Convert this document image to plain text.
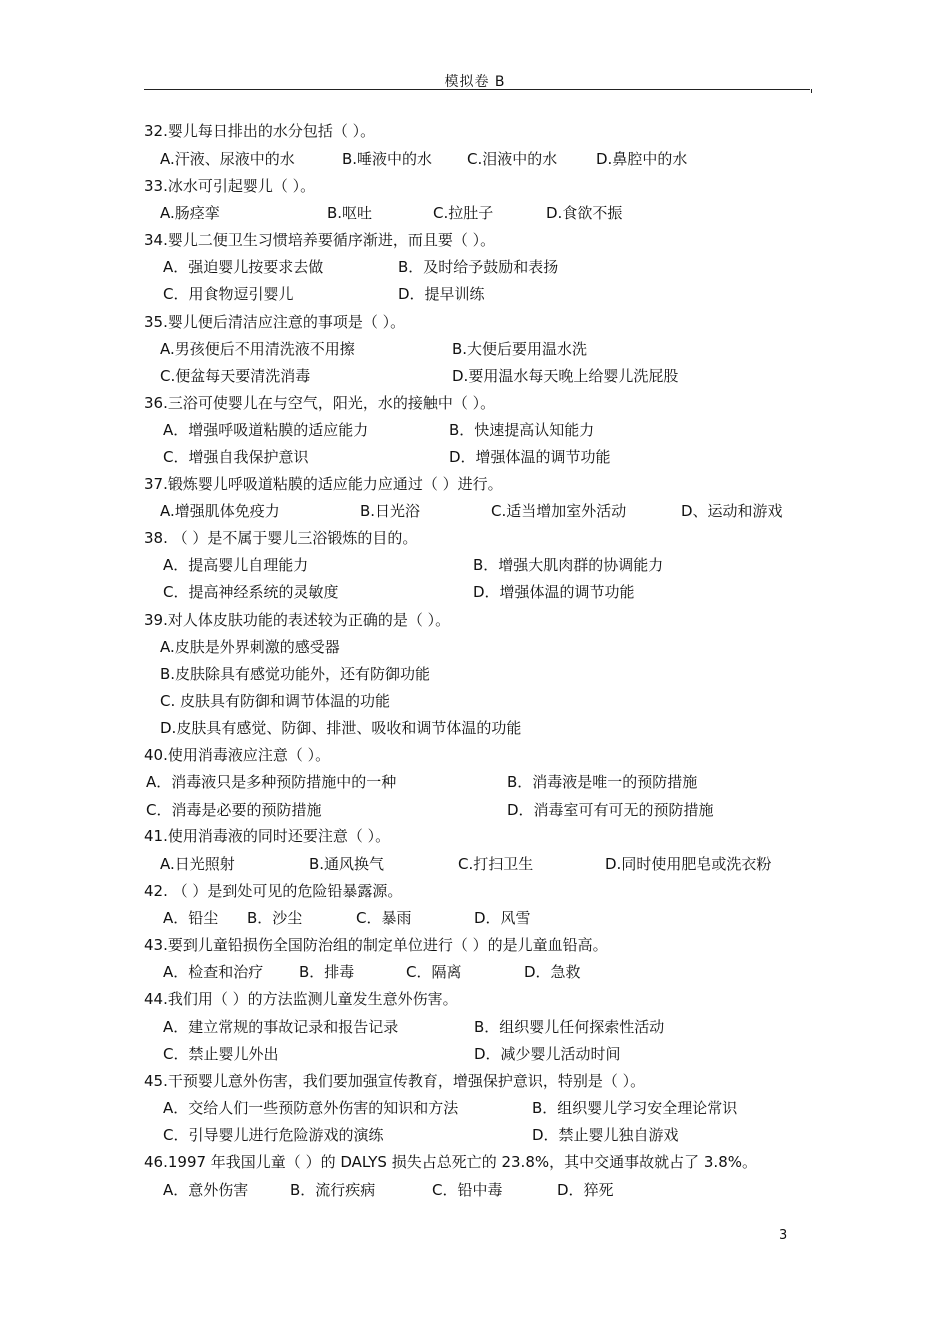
模拟卷 B
32.婴儿每日排出的水分包括（ ）。
A.汗液、尿液中的水	B.唾液中的水 C.泪液中的水	D.鼻腔中的水
33.冰水可引起婴儿（ ）。
A.肠痉挛	B.呕吐	C.拉肚子	D.食欲不振
34.婴儿二便卫生习惯培养要循序渐进，而且要（ ）。
A．强迫婴儿按要求去做	B．及时给予鼓励和表扬
C．用食物逗引婴儿	D．提早训练
35.婴儿便后清洁应注意的事项是（ ）。
A.男孩便后不用清洗液不用擦	B.大便后要用温水洗
C.便盆每天要清洗消毒	D.要用温水每天晚上给婴儿洗屁股
36.三浴可使婴儿在与空气，阳光，水的接触中（ ）。
A．增强呼吸道粘膜的适应能力	B．快速提高认知能力
C．增强自我保护意识	D．增强体温的调节功能
37.锻炼婴儿呼吸道粘膜的适应能力应通过（ ）进行。
A.增强肌体免疫力	B.日光浴	C.适当增加室外活动	D、运动和游戏
38. （ ）是不属于婴儿三浴锻炼的目的。
A．提高婴儿自理能力	B．增强大肌肉群的协调能力
C．提高神经系统的灵敏度	D．增强体温的调节功能
39.对人体皮肤功能的表述较为正确的是（ ）。
A.皮肤是外界刺激的感受器
B.皮肤除具有感觉功能外，还有防御功能
C. 皮肤具有防御和调节体温的功能
D.皮肤具有感觉、防御、排泄、吸收和调节体温的功能
40.使用消毒液应注意（ ）。
A．消毒液只是多种预防措施中的一种	B．消毒液是唯一的预防措施
C．消毒是必要的预防措施	D．消毒室可有可无的预防措施
41.使用消毒液的同时还要注意（ ）。
A.日光照射	B.通风换气	C.打扫卫生	D.同时使用肥皂或洗衣粉
42. （ ）是到处可见的危险铅暴露源。
A．铅尘 B．沙尘	C．暴雨	D．风雪
43.要到儿童铅损伤全国防治组的制定单位进行（ ）的是儿童血铅高。
A．检查和治疗 B．排毒	C．隔离	D．急救
44.我们用（ ）的方法监测儿童发生意外伤害。
A．建立常规的事故记录和报告记录	B．组织婴儿任何探索性活动
C．禁止婴儿外出	D．减少婴儿活动时间
45.干预婴儿意外伤害，我们要加强宣传教育，增强保护意识，特别是（ ）。
A．交给人们一些预防意外伤害的知识和方法	B．组织婴儿学习安全理论常识
C．引导婴儿进行危险游戏的演练	D．禁止婴儿独自游戏
46.1997 年我国儿童（ ）的 DALYS 损失占总死亡的 23.8%，其中交通事故就占了 3.8%。
A．意外伤害	B．流行疾病	C．铅中毒	D．猝死
3
